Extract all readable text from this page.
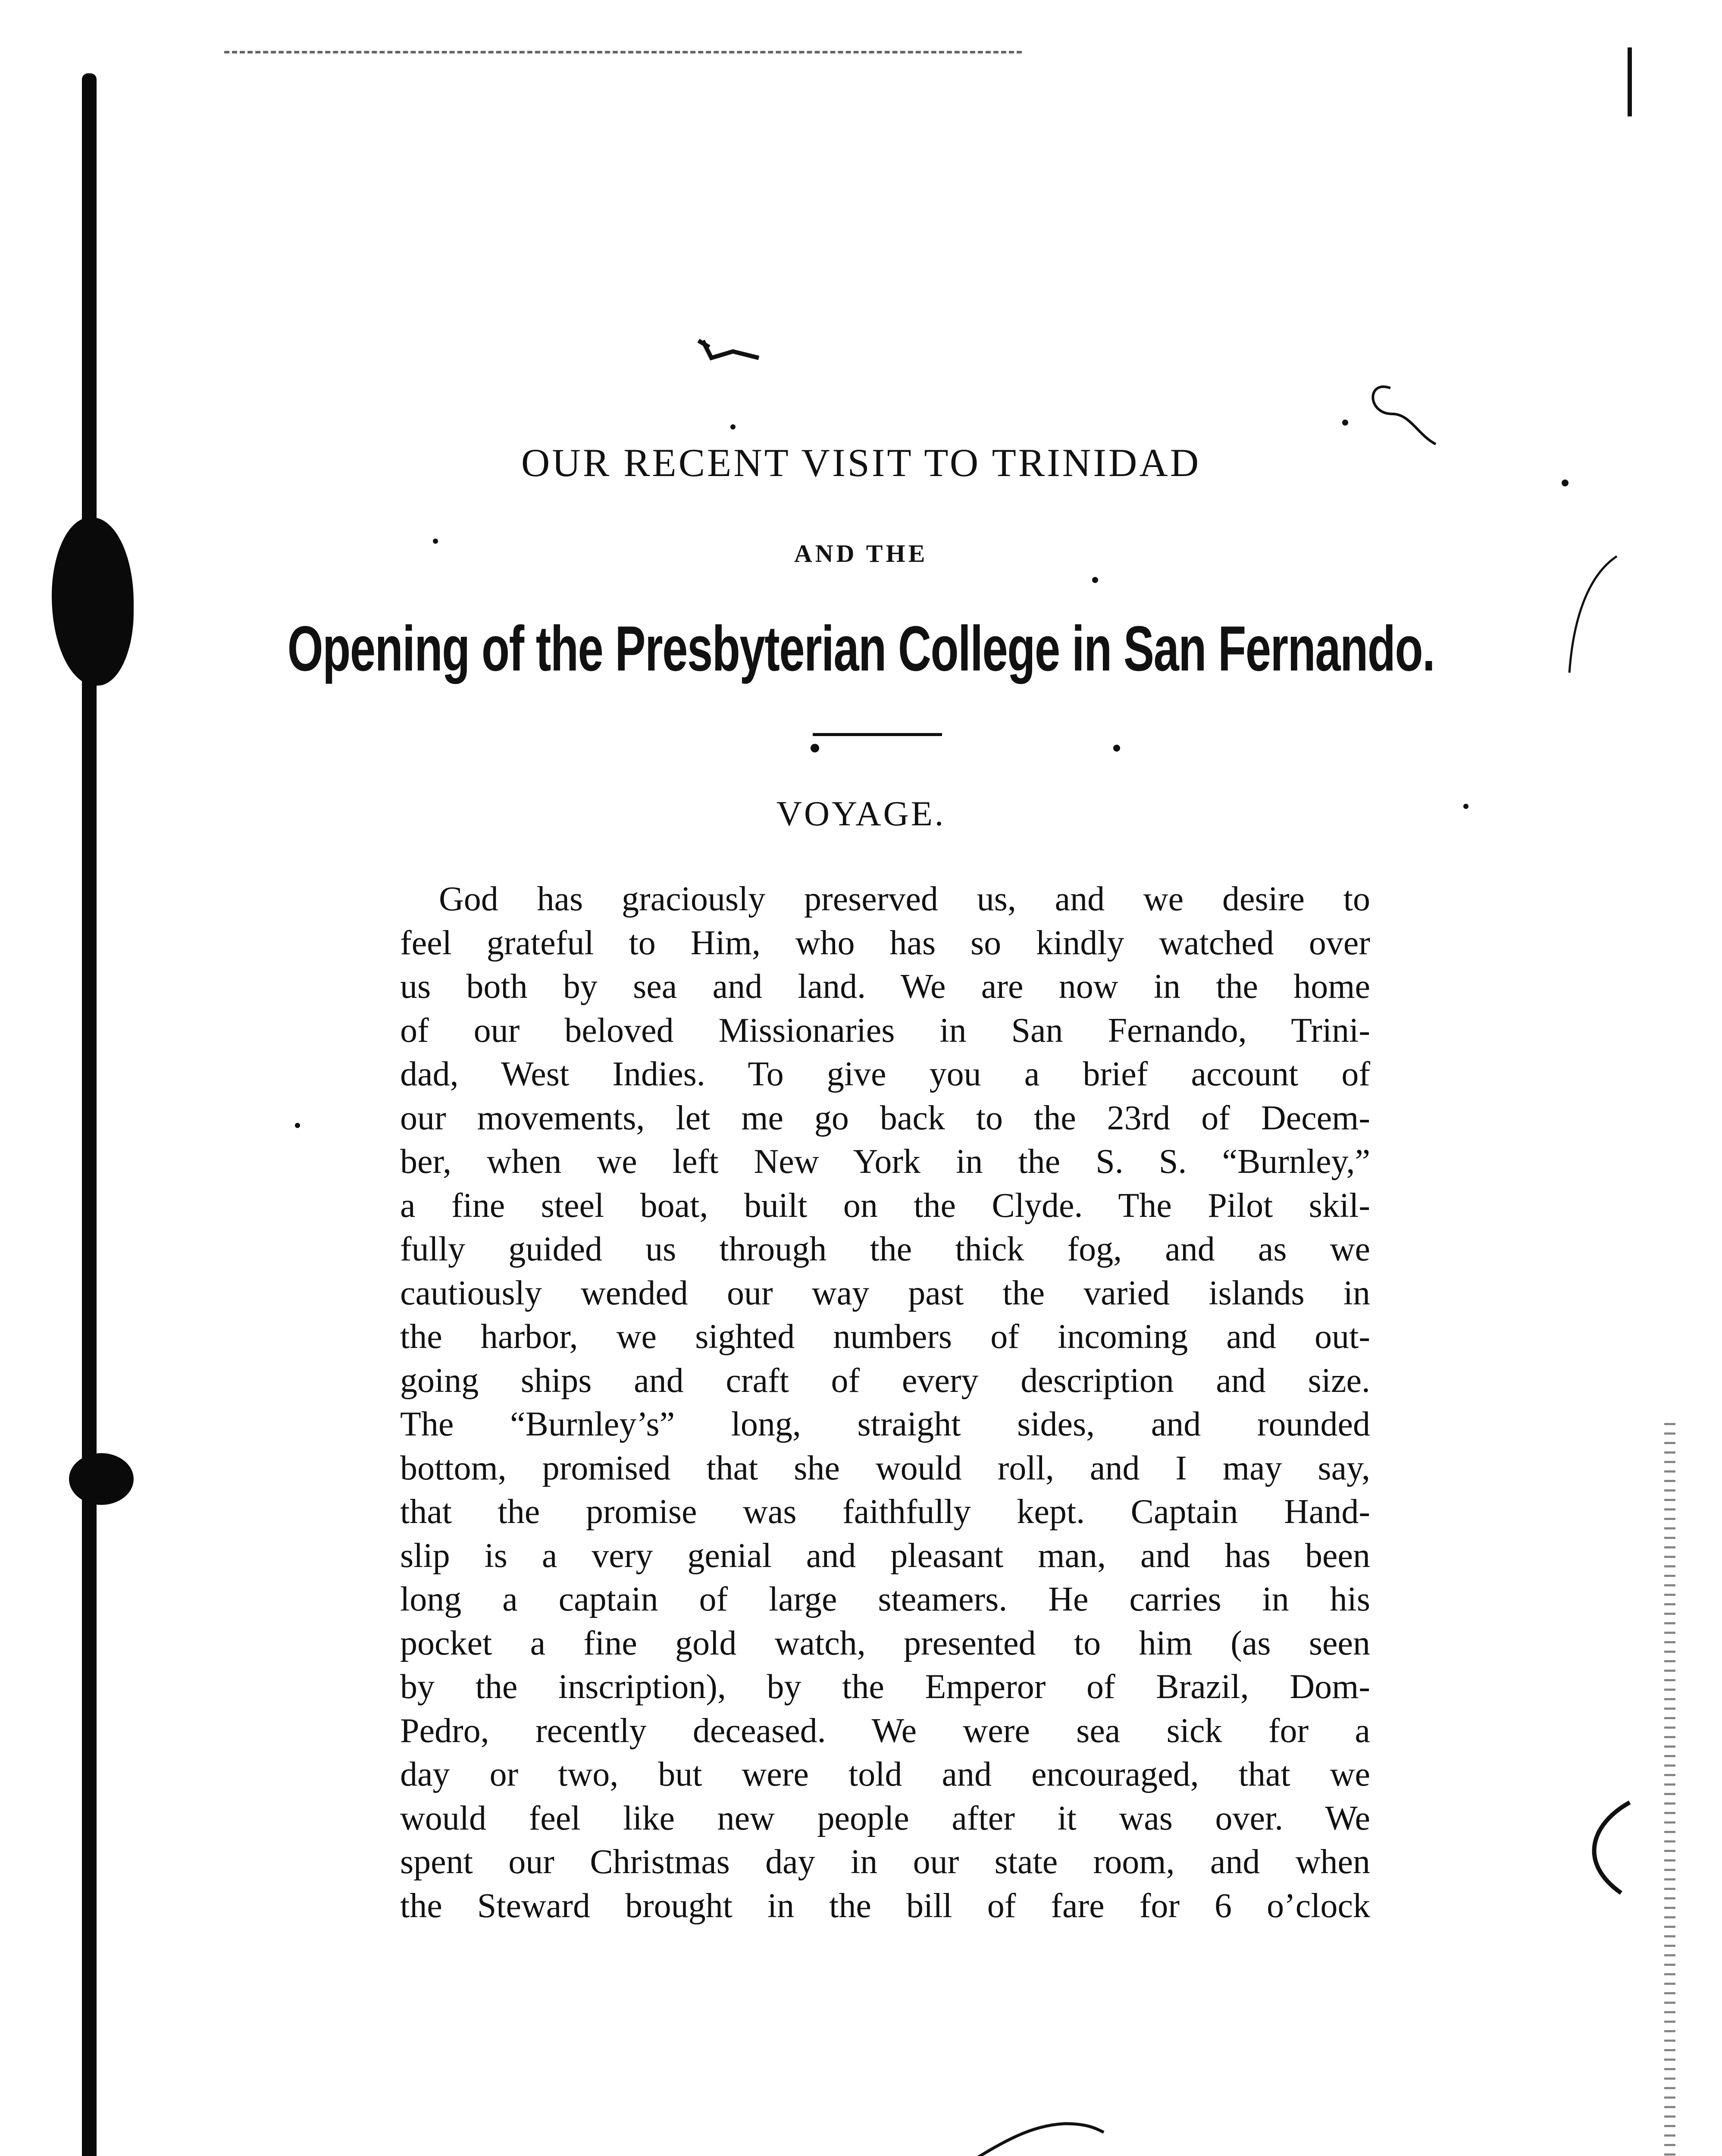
OUR RECENT VISIT TO TRINIDAD
AND THE
Opening of the Presbyterian College in San Fernando.
VOYAGE.
God has graciously preserved us, and we desire to
feel grateful to Him, who has so kindly watched over
us both by sea and land. We are now in the home
of our beloved Missionaries in San Fernando, Trini-
dad, West Indies. To give you a brief account of
our movements, let me go back to the 23rd of Decem-
ber, when we left New York in the S. S. “Burnley,”
a fine steel boat, built on the Clyde. The Pilot skil-
fully guided us through the thick fog, and as we
cautiously wended our way past the varied islands in
the harbor, we sighted numbers of incoming and out-
going ships and craft of every description and size.
The “Burnley’s” long, straight sides, and rounded
bottom, promised that she would roll, and I may say,
that the promise was faithfully kept. Captain Hand-
slip is a very genial and pleasant man, and has been
long a captain of large steamers. He carries in his
pocket a fine gold watch, presented to him (as seen
by the inscription), by the Emperor of Brazil, Dom-
Pedro, recently deceased. We were sea sick for a
day or two, but were told and encouraged, that we
would feel like new people after it was over. We
spent our Christmas day in our state room, and when
the Steward brought in the bill of fare for 6 o’clock
